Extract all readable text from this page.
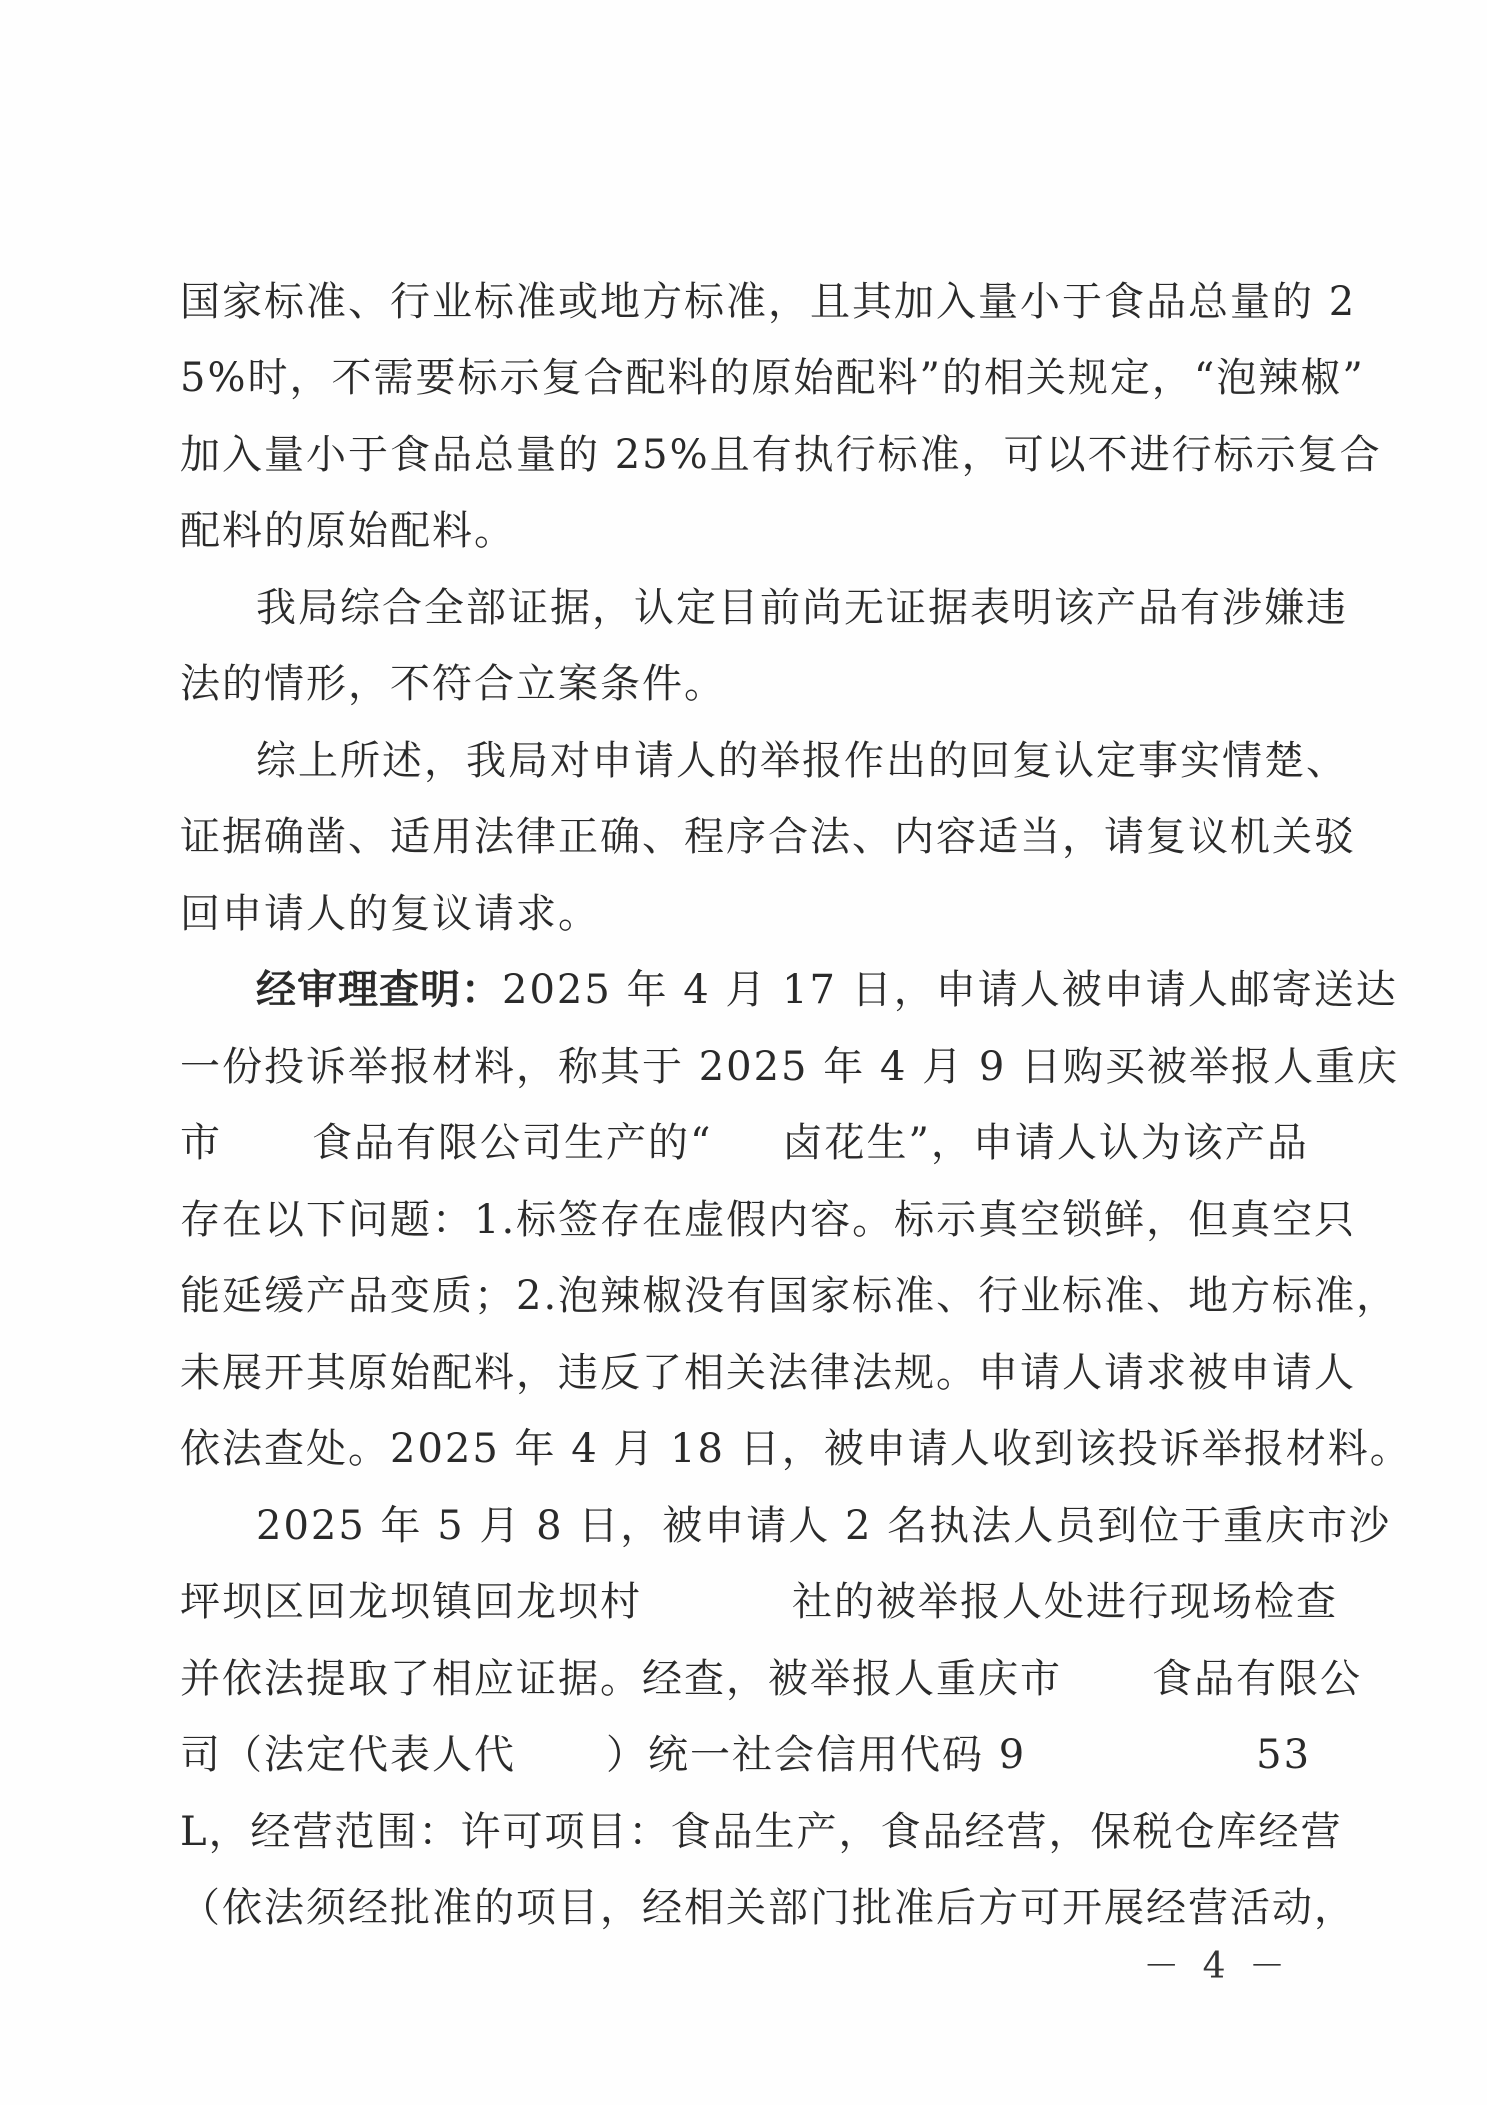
国家标准、行业标准或地方标准，且其加入量小于食品总量的 2
5%时，不需要标示复合配料的原始配料”的相关规定，“泡辣椒”
加入量小于食品总量的 25%且有执行标准，可以不进行标示复合
配料的原始配料。
我局综合全部证据，认定目前尚无证据表明该产品有涉嫌违
法的情形，不符合立案条件。
综上所述，我局对申请人的举报作出的回复认定事实情楚、
证据确凿、适用法律正确、程序合法、内容适当，请复议机关驳
回申请人的复议请求。
经审理查明：2025 年 4 月 17 日，申请人被申请人邮寄送达
一份投诉举报材料，称其于 2025 年 4 月 9 日购买被举报人重庆
市 食品有限公司生产的“ 卤花生”，申请人认为该产品
存在以下问题：1.标签存在虚假内容。标示真空锁鲜，但真空只
能延缓产品变质；2.泡辣椒没有国家标准、行业标准、地方标准，
未展开其原始配料，违反了相关法律法规。申请人请求被申请人
依法查处。2025 年 4 月 18 日，被申请人收到该投诉举报材料。
2025 年 5 月 8 日，被申请人 2 名执法人员到位于重庆市沙
坪坝区回龙坝镇回龙坝村	社的被举报人处进行现场检查
并依法提取了相应证据。经查，被举报人重庆市 食品有限公
司（法定代表人代 ）统一社会信用代码 9	53
L，经营范围：许可项目：食品生产，食品经营，保税仓库经营
（依法须经批准的项目，经相关部门批准后方可开展经营活动，
－ 4 －
